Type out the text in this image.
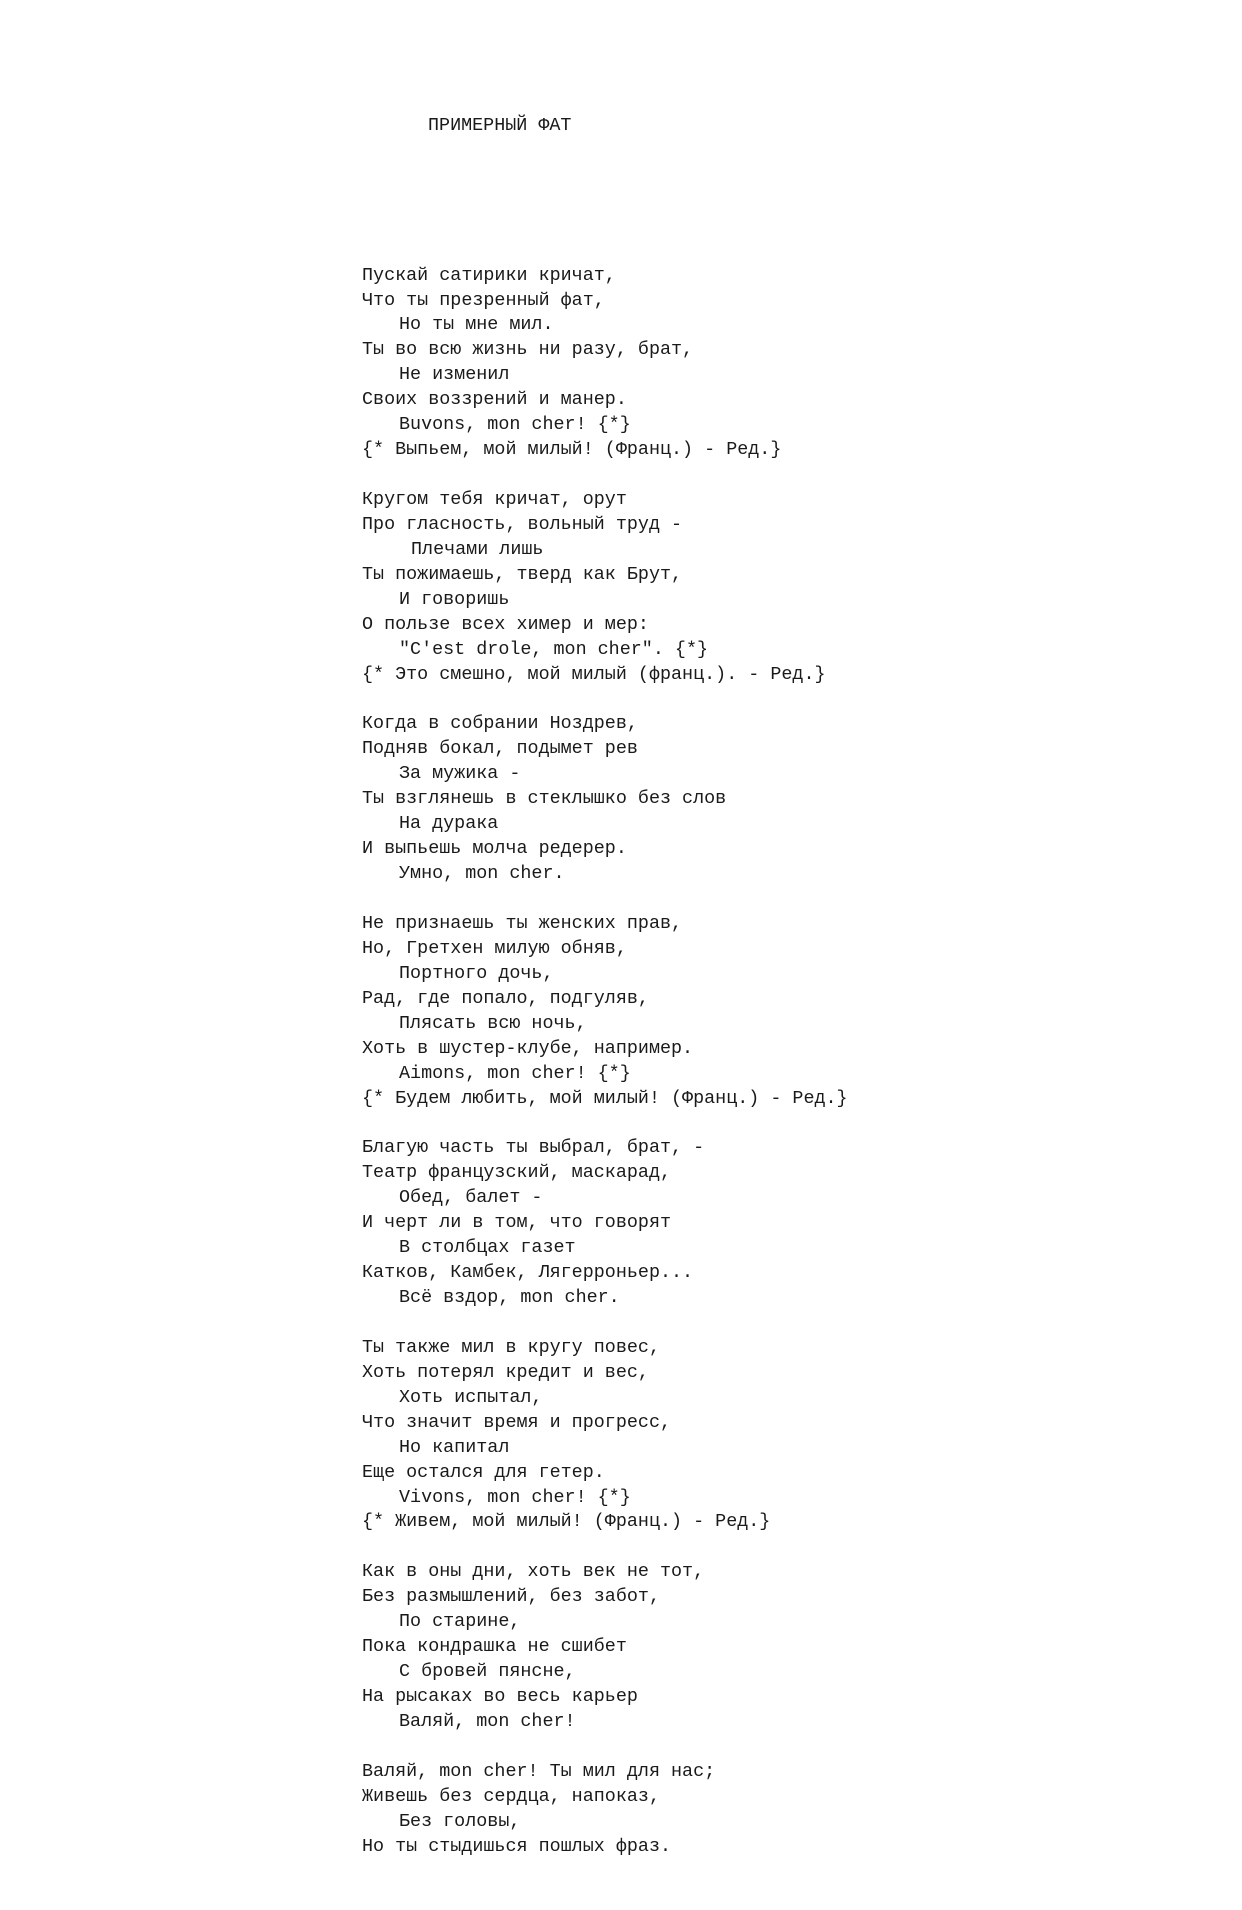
ПРИМЕРНЫЙ ФАТ

Пускай сатирики кричат,
Что ты презренный фат,
Но ты мне мил.
Ты во всю жизнь ни разу, брат,
Не изменил
Своих воззрений и манер.
Buvons, mon cher! {*}
{* Выпьем, мой милый! (Франц.) - Ред.}
Кругом тебя кричат, орут
Про гласность, вольный труд -
Плечами лишь
Ты пожимаешь, тверд как Брут,
И говоришь
О пользе всех химер и мер:
"C'est drole, mon cher". {*}
{* Это смешно, мой милый (франц.). - Ред.}
Когда в собрании Ноздрев,
Подняв бокал, подымет рев
За мужика -
Ты взглянешь в стеклышко без слов
На дурака
И выпьешь молча редерер.
Умно, mon cher.
Не признаешь ты женских прав,
Но, Гретхен милую обняв,
Портного дочь,
Рад, где попало, подгуляв,
Плясать всю ночь,
Хоть в шустер-клубе, например.
Aimons, mon cher! {*}
{* Будем любить, мой милый! (Франц.) - Ред.}
Благую часть ты выбрал, брат, -
Театр французский, маскарад,
Обед, балет -
И черт ли в том, что говорят
В столбцах газет
Катков, Камбек, Лягерроньер...
Всё вздор, mon cher.
Ты также мил в кругу повес,
Хоть потерял кредит и вес,
Хоть испытал,
Что значит время и прогресс,
Но капитал
Еще остался для гетер.
Vivons, mon cher! {*}
{* Живем, мой милый! (Франц.) - Ред.}
Как в оны дни, хоть век не тот,
Без размышлений, без забот,
По старине,
Пока кондрашка не сшибет
С бровей пянсне,
На рысаках во весь карьер
Валяй, mon cher!
Валяй, mon cher! Ты мил для нас;
Живешь без сердца, напоказ,
Без головы,
Но ты стыдишься пошлых фраз.
